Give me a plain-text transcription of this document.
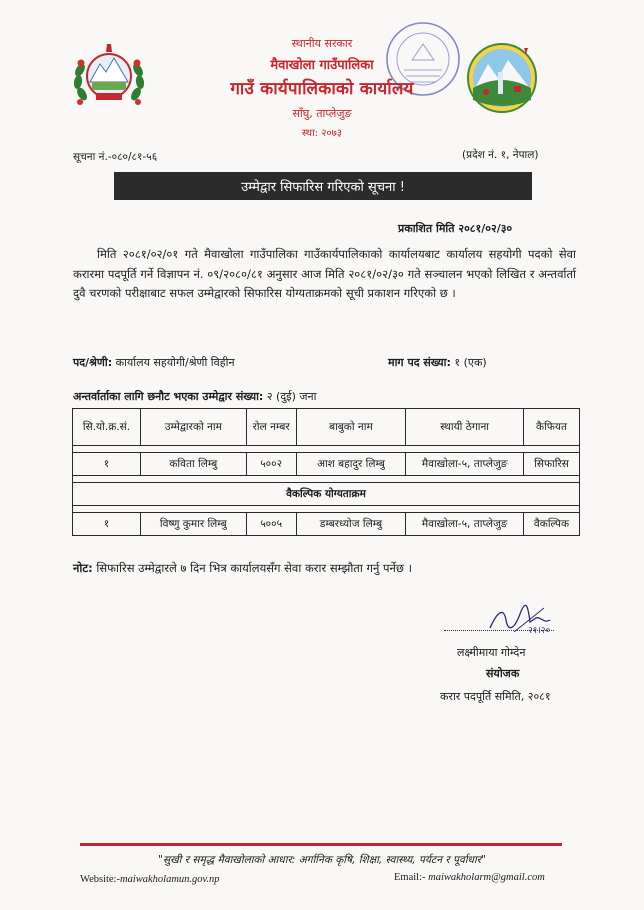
स्थानीय सरकार
मैवाखोला गाउँपालिका
गाउँ कार्यपालिकाको कार्यालय
साँघु, ताप्लेजुङ
स्था: २०७३
सूचना नं.-०८०/८१-५६	(प्रदेश नं. १, नेपाल)
उम्मेद्वार सिफारिस गरिएको सूचना !
प्रकाशित मिति २०८१/०२/३०
मिति २०८१/०२/०१ गते मैवाखोला गाउँपालिका गाउँकार्यपालिकाको कार्यालयबाट कार्यालय सहयोगी पदको सेवा करारमा पदपूर्ति गर्ने विज्ञापन नं. ०९/२०८०/८१ अनुसार आज मिति २०८१/०२/३० गते सञ्चालन भएको लिखित र अन्तर्वार्ता दुवै चरणको परीक्षाबाट सफल उम्मेद्वारको सिफारिस योग्यताक्रमको सूची प्रकाशन गरिएको छ ।
पद/श्रेणी: कार्यालय सहयोगी/श्रेणी विहीन	माग पद संख्या: १ (एक)
अन्तर्वार्ताका लागि छनौट भएका उम्मेद्वार संख्या: २ (दुई) जना
सि.यो.क्र.सं.	उम्मेद्वारको नाम	रोल नम्बर	बाबुको नाम	स्थायी ठेगाना	कैफियत

१	कविता लिम्बु	५००२	आश बहादुर लिम्बु	मैवाखोला-५, ताप्लेजुङ	सिफारिस

वैकल्पिक योग्यताक्रम					

१	विष्णु कुमार लिम्बु	५००५	डम्बरध्योज लिम्बु	मैवाखोला-५, ताप्लेजुङ	वैकल्पिक
नोट: सिफारिस उम्मेद्वारले ७ दिन भित्र कार्यालयसँग सेवा करार सम्झौता गर्नु पर्नेछ ।
२१।२०
लक्ष्मीमाया गोम्देन
संयोजक
करार पदपूर्ति समिति, २०८१
"सुखी र समृद्ध मैवाखोलाको आधार: अर्गानिक कृषि, शिक्षा, स्वास्थ्य, पर्यटन र पूर्वाधार"
Website:-maiwakholamun.gov.np	Email:- maiwakholarm@gmail.com
